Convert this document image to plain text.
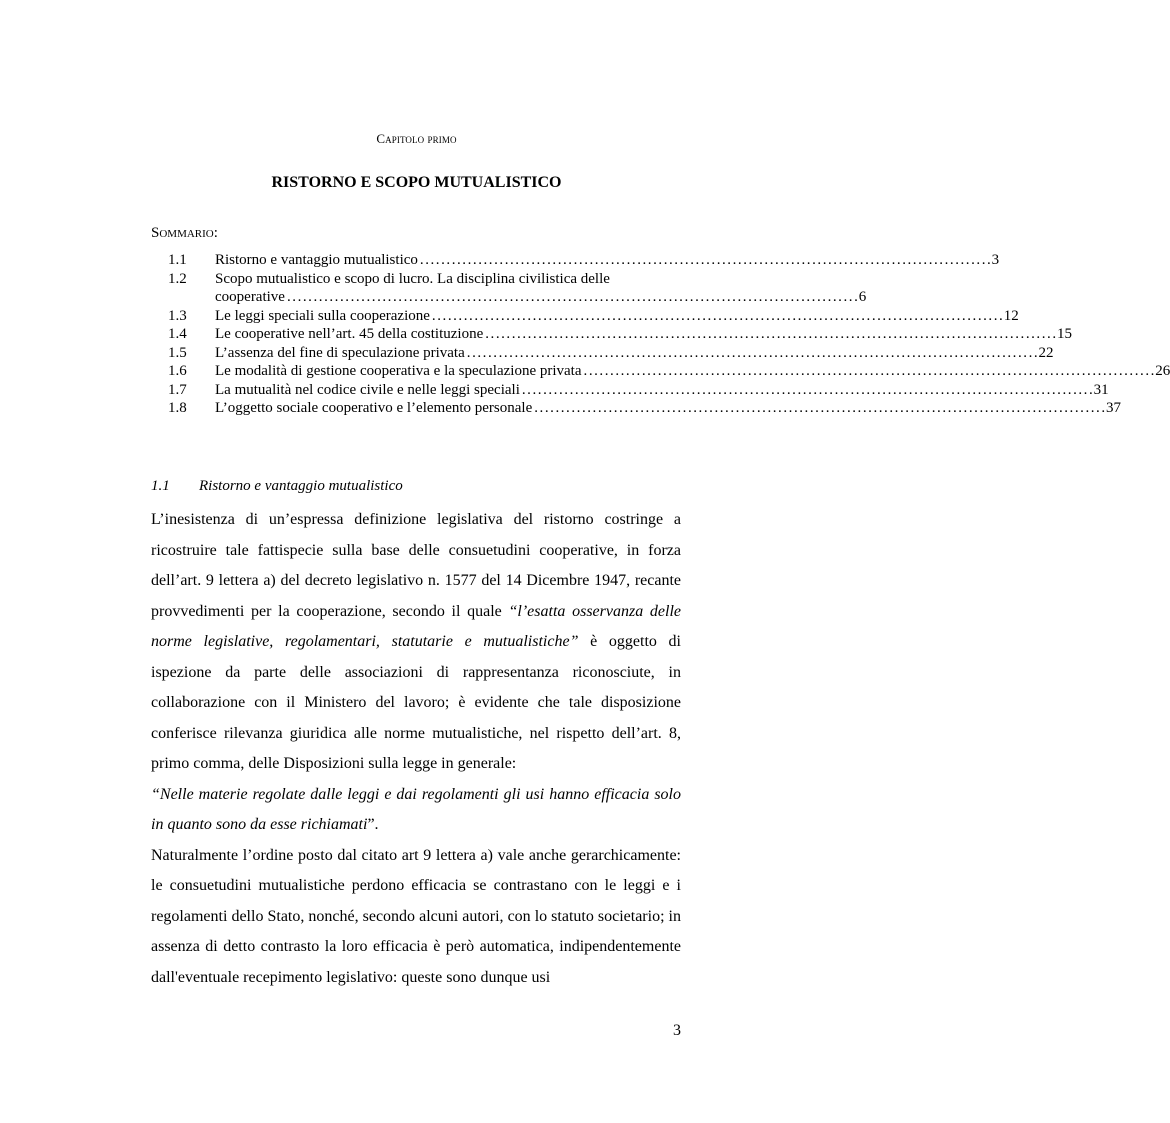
Capitolo primo
RISTORNO E SCOPO MUTUALISTICO
Sommario:
1.1	Ristorno e vantaggio mutualistico . . .	3
1.2	Scopo mutualistico e scopo di lucro. La disciplina civilistica delle
cooperative . . .	6
1.3	Le leggi speciali sulla cooperazione . . .	12
1.4	Le cooperative nell’art. 45 della costituzione . . .	15
1.5	L’assenza del fine di speculazione privata . . .	22
1.6	Le modalità di gestione cooperativa e la speculazione privata . . .	26
1.7	La mutualità nel codice civile e nelle leggi speciali . . .	31
1.8	L’oggetto sociale cooperativo e l’elemento personale . . .	37
1.1 Ristorno e vantaggio mutualistico

L’inesistenza di un’espressa definizione legislativa del ristorno costringe a ricostruire tale fattispecie sulla base delle consuetudini cooperative, in forza dell’art. 9 lettera a) del decreto legislativo n. 1577 del 14 Dicembre 1947, recante provvedimenti per la cooperazione, secondo il quale “l’esatta osservanza delle norme legislative, regolamentari, statutarie e mutualistiche” è oggetto di ispezione da parte delle associazioni di rappresentanza riconosciute, in collaborazione con il Ministero del lavoro; è evidente che tale disposizione conferisce rilevanza giuridica alle norme mutualistiche, nel rispetto dell’art. 8, primo comma, delle Disposizioni sulla legge in generale:

“Nelle materie regolate dalle leggi e dai regolamenti gli usi hanno efficacia solo in quanto sono da esse richiamati”.

Naturalmente l’ordine posto dal citato art 9 lettera a) vale anche gerarchicamente: le consuetudini mutualistiche perdono efficacia se contrastano con le leggi e i regolamenti dello Stato, nonché, secondo alcuni autori, con lo statuto societario; in assenza di detto contrasto la loro efficacia è però automatica, indipendentemente dall'eventuale recepimento legislativo: queste sono dunque usi

3
